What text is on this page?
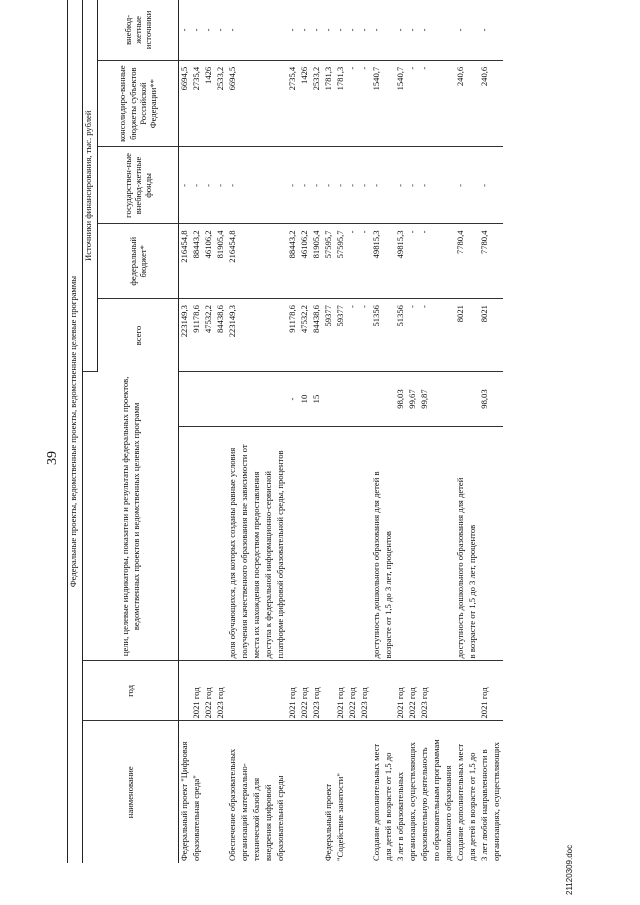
39 Федеральные проекты, ведомственные проекты, ведомственные целевые программы								
наименование	год	цели, целевые индикаторы, показатели и результаты федеральных проектов, ведомственных проектов и ведомственных целевых программ		Источники финансирования, тыс. рублей				
				всего	федеральный бюджет*	государствен-ные внебюд-жетные фонды	консолидиро-ванные бюджеты субъектов Российской Федерации**	внебюд-жетные источники
Федеральный проект "Цифровая				223149,3	216454,8	-	6694,5	-
образовательная среда"	2021 год			91178,6	88443,2	-	2735,4	-
	2022 год			47532,2	46106,2	-	1426	-
	2023 год			84438,6	81905,4	-	2533,2	-
Обеспечение образовательных		доля обучающихся, для которых созданы равные условия		223149,3	216454,8	-	6694,5	-
организаций материально-		получения качественного образования вне зависимости от						
технической базой для		места их нахождения посредством предоставления						
внедрения цифровой		доступа к федеральной информационно-сервисной						
образовательной среды		платформе цифровой образовательной среды, процентов						
	2021 год		-	91178,6	88443,2	-	2735,4	-
	2022 год		10	47532,2	46106,2	-	1426	-
	2023 год		15	84438,6	81905,4	-	2533,2	-
Федеральный проект				59377	57595,7	-	1781,3	-
"Содействие занятости"	2021 год			59377	57595,7	-	1781,3	-
	2022 год			-	-	-	-	-
	2023 год			-	-	-	-	-
Создание дополнительных мест		доступность дошкольного образования для детей в		51356	49815,3	-	1540,7	-
для детей в возрасте от 1,5 до		возрасте от 1,5 до 3 лет, процентов						
3 лет в образовательных	2021 год		98,03	51356	49815,3	-	1540,7	-
организациях, осуществляющих	2022 год		99,67	-	-	-	-	-
образовательную деятельность	2023 год		99,87	-	-	-	-	-
по образовательным программам								
дошкольного образования								
Создание дополнительных мест		доступность дошкольного образования для детей		8021	7780,4	-	240,6	-
для детей в возрасте от 1,5 до		в возрасте от 1,5 до 3 лет, процентов						
3 лет любой направленности в	2021 год		98,03	8021	7780,4	-	240,6	-
организациях, осуществляющих								
21120309.doc
